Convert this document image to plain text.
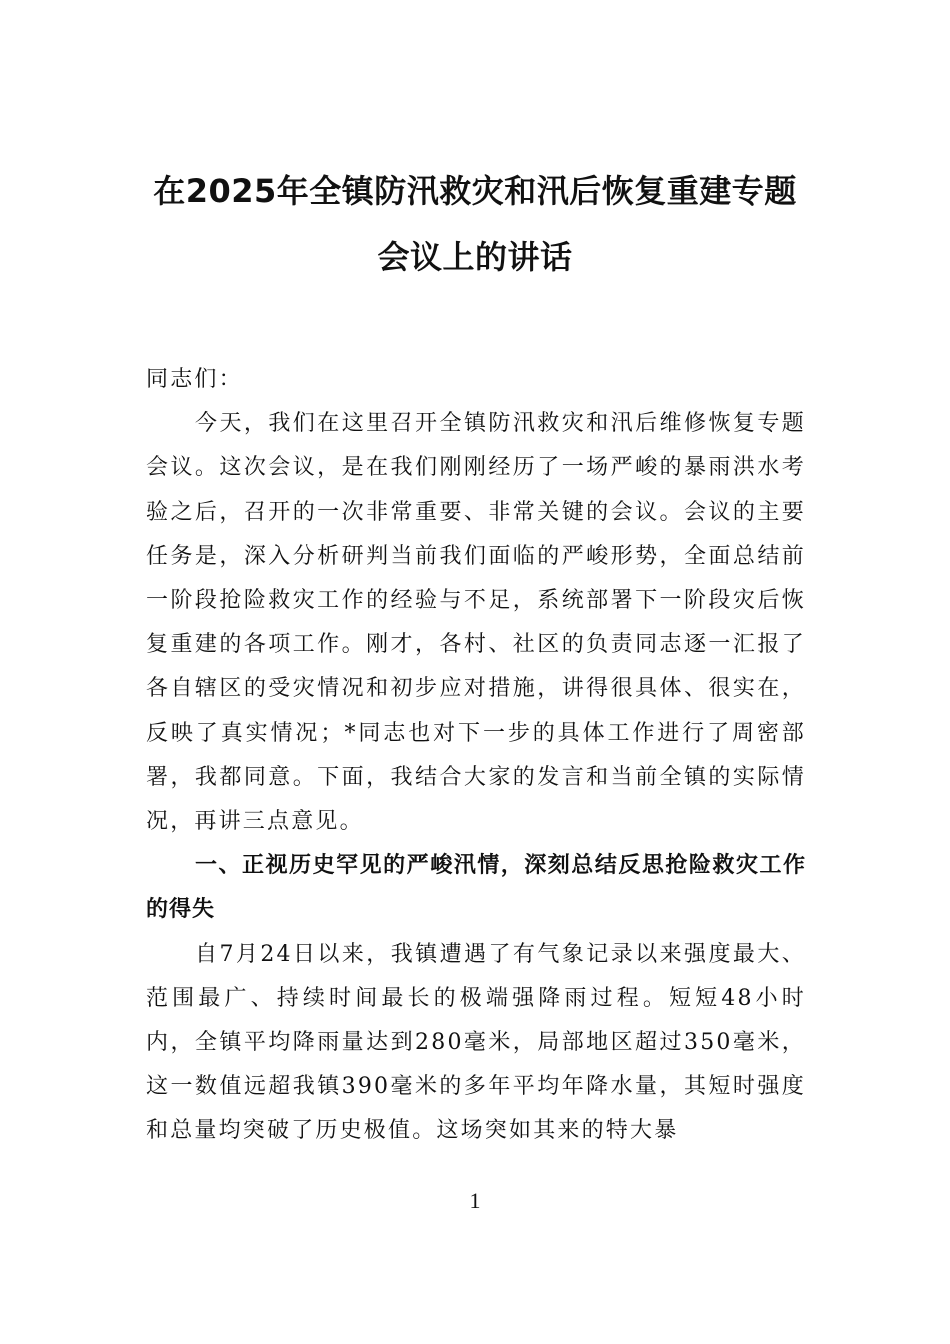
在2025年全镇防汛救灾和汛后恢复重建专题会议上的讲话

同志们：

今天，我们在这里召开全镇防汛救灾和汛后维修恢复专题会议。这次会议，是在我们刚刚经历了一场严峻的暴雨洪水考验之后，召开的一次非常重要、非常关键的会议。会议的主要任务是，深入分析研判当前我们面临的严峻形势，全面总结前一阶段抢险救灾工作的经验与不足，系统部署下一阶段灾后恢复重建的各项工作。刚才，各村、社区的负责同志逐一汇报了各自辖区的受灾情况和初步应对措施，讲得很具体、很实在，反映了真实情况；*同志也对下一步的具体工作进行了周密部署，我都同意。下面，我结合大家的发言和当前全镇的实际情况，再讲三点意见。

一、正视历史罕见的严峻汛情，深刻总结反思抢险救灾工作的得失

自7月24日以来，我镇遭遇了有气象记录以来强度最大、范围最广、持续时间最长的极端强降雨过程。短短48小时内，全镇平均降雨量达到280毫米，局部地区超过350毫米，这一数值远超我镇390毫米的多年平均年降水量，其短时强度和总量均突破了历史极值。这场突如其来的特大暴

1
